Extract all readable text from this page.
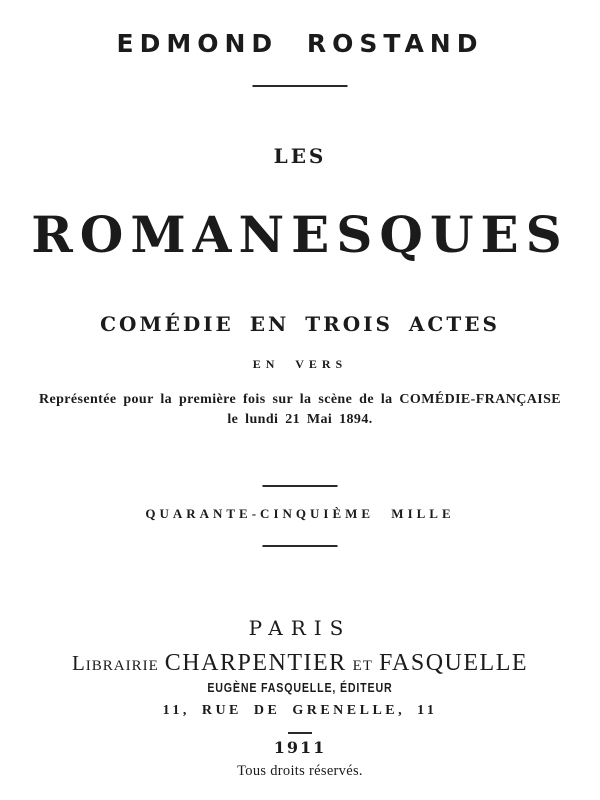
EDMOND ROSTAND
LES
ROMANESQUES
COMÉDIE EN TROIS ACTES
EN VERS
Représentée pour la première fois sur la scène de la COMÉDIE-FRANÇAISE
le lundi 21 Mai 1894.
QUARANTE-CINQUIÈME MILLE
PARIS
Librairie CHARPENTIER et FASQUELLE
EUGÈNE FASQUELLE, ÉDITEUR
11, RUE DE GRENELLE, 11
1911
Tous droits réservés.
